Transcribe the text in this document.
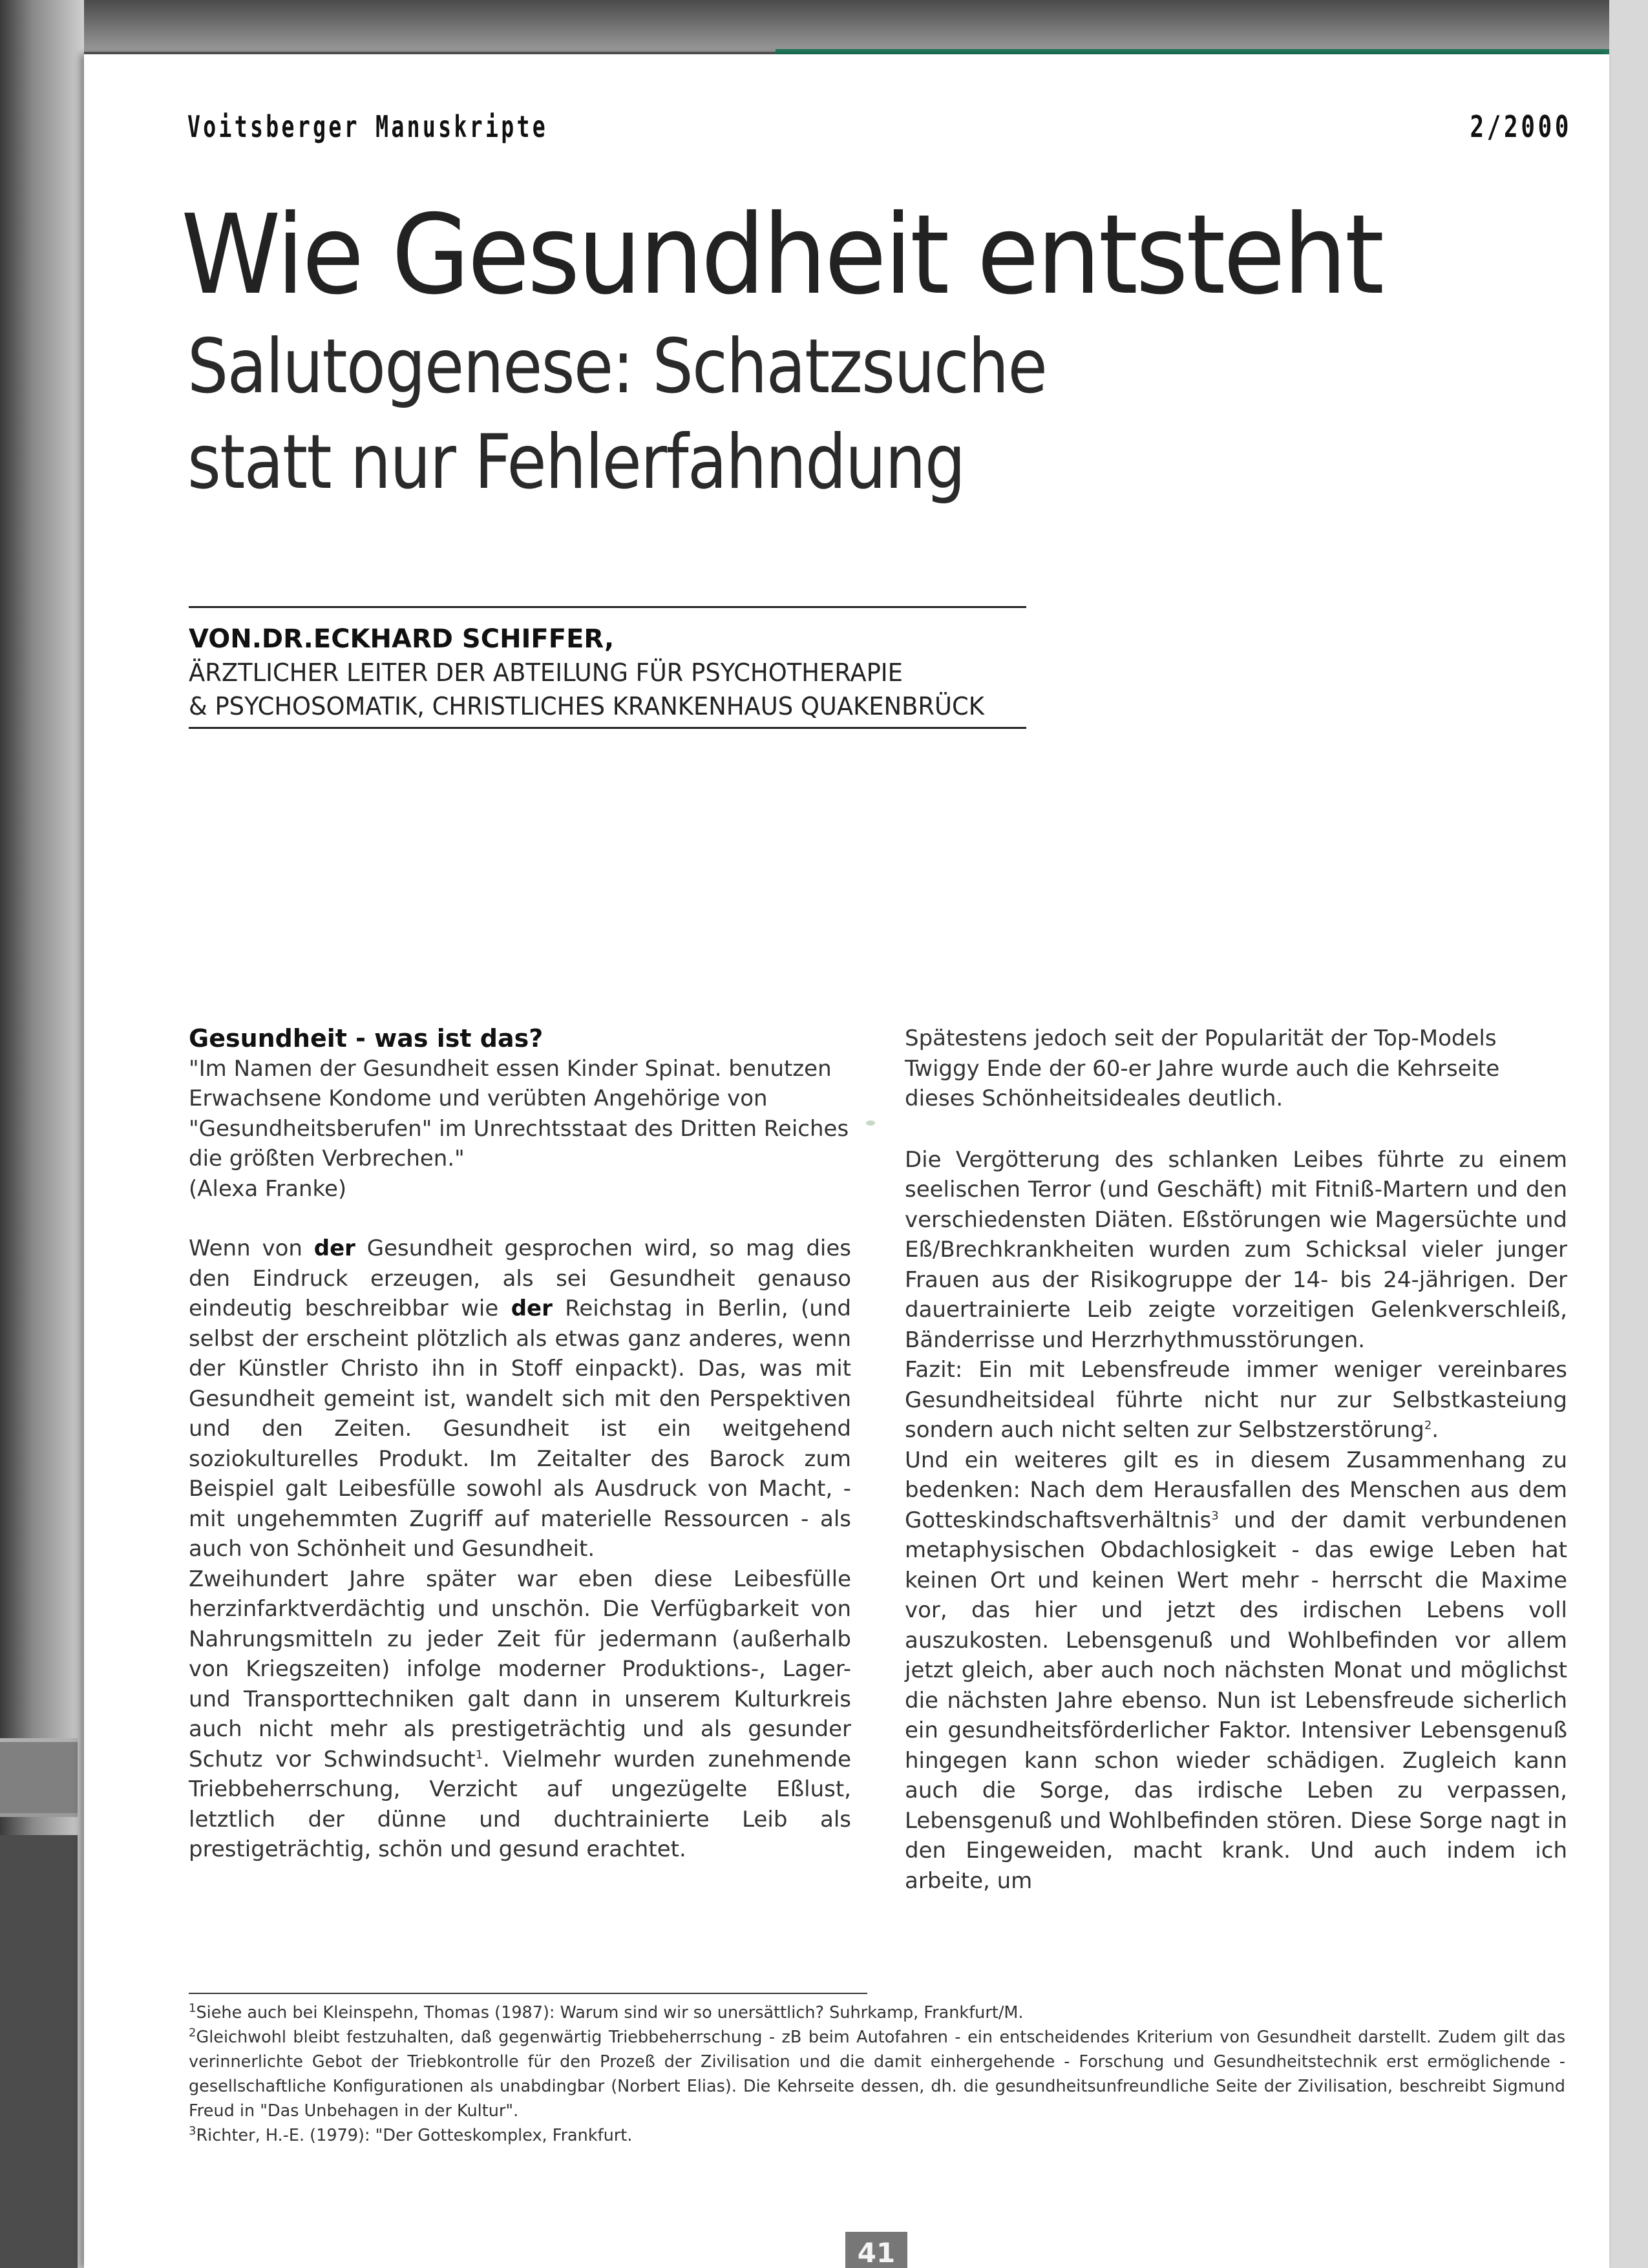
Voitsberger Manuskripte	2/2000
Wie Gesundheit entsteht
Salutogenese: Schatzsuche
statt nur Fehlerfahndung
VON.DR.ECKHARD SCHIFFER,
ÄRZTLICHER LEITER DER ABTEILUNG FÜR PSYCHOTHERAPIE
& PSYCHOSOMATIK, CHRISTLICHES KRANKENHAUS QUAKENBRÜCK

Gesundheit - was ist das?

"Im Namen der Gesundheit essen Kinder Spinat. benutzen Erwachsene Kondome und verübten Angehörige von "Gesundheitsberufen" im Unrechtsstaat des Dritten Reiches die größten Verbrechen."

(Alexa Franke)

Wenn von der Gesundheit gesprochen wird, so mag dies den Eindruck erzeugen, als sei Gesundheit genauso eindeutig beschreibbar wie der Reichstag in Berlin, (und selbst der erscheint plötzlich als etwas ganz anderes, wenn der Künstler Christo ihn in Stoff einpackt). Das, was mit Gesundheit gemeint ist, wandelt sich mit den Perspektiven und den Zeiten. Gesundheit ist ein weitgehend soziokulturelles Produkt. Im Zeitalter des Barock zum Beispiel galt Leibesfülle sowohl als Ausdruck von Macht, - mit ungehemmten Zugriff auf materielle Ressourcen - als auch von Schönheit und Gesundheit.

Zweihundert Jahre später war eben diese Leibesfülle herzinfarktverdächtig und unschön. Die Verfügbarkeit von Nahrungsmitteln zu jeder Zeit für jedermann (außerhalb von Kriegszeiten) infolge moderner Produktions-, Lager- und Transporttechniken galt dann in unserem Kulturkreis auch nicht mehr als prestigeträchtig und als gesunder Schutz vor Schwindsucht$^1$. Vielmehr wurden zunehmende Triebbeherrschung, Verzicht auf ungezügelte Eßlust, letztlich der dünne und duchtrainierte Leib als prestigeträchtig, schön und gesund erachtet.

Spätestens jedoch seit der Popularität der Top-Models Twiggy Ende der 60-er Jahre wurde auch die Kehrseite dieses Schönheitsideales deutlich.

Die Vergötterung des schlanken Leibes führte zu einem seelischen Terror (und Geschäft) mit Fitniß-Martern und den verschiedensten Diäten. Eßstörungen wie Magersüchte und Eß/Brechkrankheiten wurden zum Schicksal vieler junger Frauen aus der Risikogruppe der 14- bis 24-jährigen. Der dauertrainierte Leib zeigte vorzeitigen Gelenkverschleiß, Bänderrisse und Herzrhythmusstörungen.

Fazit: Ein mit Lebensfreude immer weniger vereinbares Gesundheitsideal führte nicht nur zur Selbstkasteiung sondern auch nicht selten zur Selbstzerstörung$^2$.

Und ein weiteres gilt es in diesem Zusammenhang zu bedenken: Nach dem Herausfallen des Menschen aus dem Gotteskindschaftsverhältnis$^3$ und der damit verbundenen metaphysischen Obdachlosigkeit - das ewige Leben hat keinen Ort und keinen Wert mehr - herrscht die Maxime vor, das hier und jetzt des irdischen Lebens voll auszukosten. Lebensgenuß und Wohlbefinden vor allem jetzt gleich, aber auch noch nächsten Monat und möglichst die nächsten Jahre ebenso. Nun ist Lebensfreude sicherlich ein gesundheitsförderlicher Faktor. Intensiver Lebensgenuß hingegen kann schon wieder schädigen. Zugleich kann auch die Sorge, das irdische Leben zu verpassen, Lebensgenuß und Wohlbefinden stören. Diese Sorge nagt in den Eingeweiden, macht krank. Und auch indem ich arbeite, um

$^1$Siehe auch bei Kleinspehn, Thomas (1987): Warum sind wir so unersättlich? Suhrkamp, Frankfurt/M.

$^2$Gleichwohl bleibt festzuhalten, daß gegenwärtig Triebbeherrschung - zB beim Autofahren - ein entscheidendes Kriterium von Gesundheit darstellt. Zudem gilt das verinnerlichte Gebot der Triebkontrolle für den Prozeß der Zivilisation und die damit einhergehende - Forschung und Gesundheitstechnik erst ermöglichende - gesellschaftliche Konfigurationen als unabdingbar (Norbert Elias). Die Kehrseite dessen, dh. die gesundheitsunfreundliche Seite der Zivilisation, beschreibt Sigmund Freud in "Das Unbehagen in der Kultur".

$^3$Richter, H.-E. (1979): "Der Gotteskomplex, Frankfurt.

41
